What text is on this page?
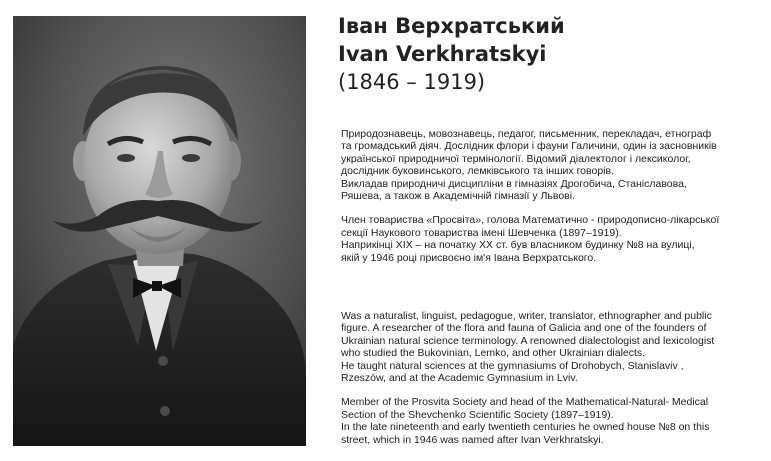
Іван Верхратський
Ivan Verkhratskyi
(1846 – 1919)

Природознавець, мовознавець, педагог, письменник, перекладач, етнограф
та громадський діяч. Дослідник флори і фауни Галичини, один із засновників
української природничої термінології. Відомий діалектолог і лексиколог,
дослідник буковинського, лемківського та інших говорів.
Викладав природничі дисципліни в гімназіях Дрогобича, Станіславова,
Ряшева, а також в Академічній гімназії у Львові.

Член товариства «Просвіта», голова Математично - природописно-лікарської
секції Наукового товариства імені Шевченка (1897–1919).
Наприкінці XIX – на початку XX ст. був власником будинку №8 на вулиці,
якій у 1946 році присвоєно ім'я Івана Верхратського.

Was a naturalist, linguist, pedagogue, writer, translator, ethnographer and public
figure. A researcher of the flora and fauna of Galicia and one of the founders of
Ukrainian natural science terminology. A renowned dialectologist and lexicologist
who studied the Bukovinian, Lemko, and other Ukrainian dialects.
He taught natural sciences at the gymnasiums of Drohobych, Stanislaviv ,
Rzeszów, and at the Academic Gymnasium in Lviv.

Member of the Prosvita Society and head of the Mathematical-Natural- Medical
Section of the Shevchenko Scientific Society (1897–1919).
In the late nineteenth and early twentieth centuries he owned house №8 on this
street, which in 1946 was named after Ivan Verkhratskyi.
